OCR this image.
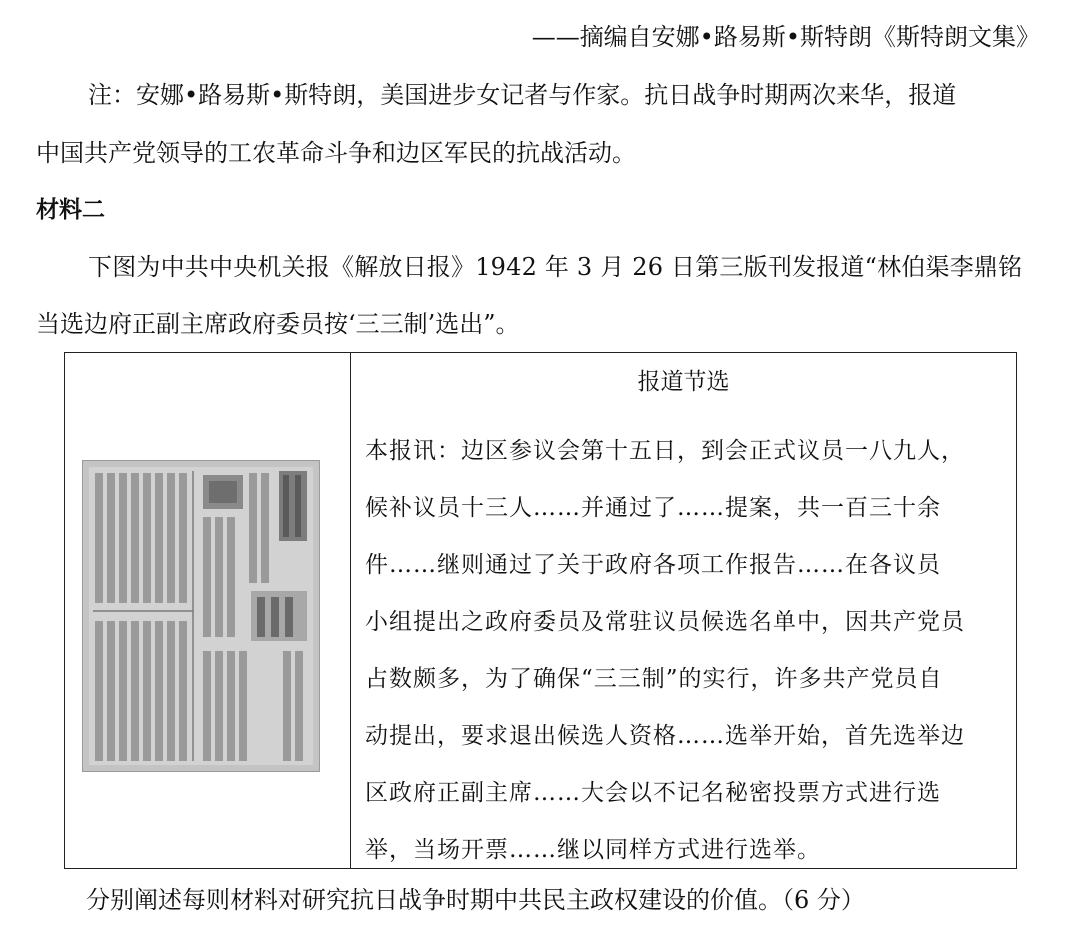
——摘编自安娜•路易斯•斯特朗《斯特朗文集》
注：安娜•路易斯•斯特朗，美国进步女记者与作家。抗日战争时期两次来华，报道
中国共产党领导的工农革命斗争和边区军民的抗战活动。
材料二
下图为中共中央机关报《解放日报》1942 年 3 月 26 日第三版刊发报道“林伯渠李鼎铭
当选边府正副主席政府委员按‘三三制’选出”。
报道节选
本报讯：边区参议会第十五日，到会正式议员一八九人，
候补议员十三人……并通过了……提案，共一百三十余
件……继则通过了关于政府各项工作报告……在各议员
小组提出之政府委员及常驻议员候选名单中，因共产党员
占数颇多，为了确保“三三制”的实行，许多共产党员自
动提出，要求退出候选人资格……选举开始，首先选举边
区政府正副主席……大会以不记名秘密投票方式进行选
举，当场开票……继以同样方式进行选举。
分别阐述每则材料对研究抗日战争时期中共民主政权建设的价值。（6 分）
